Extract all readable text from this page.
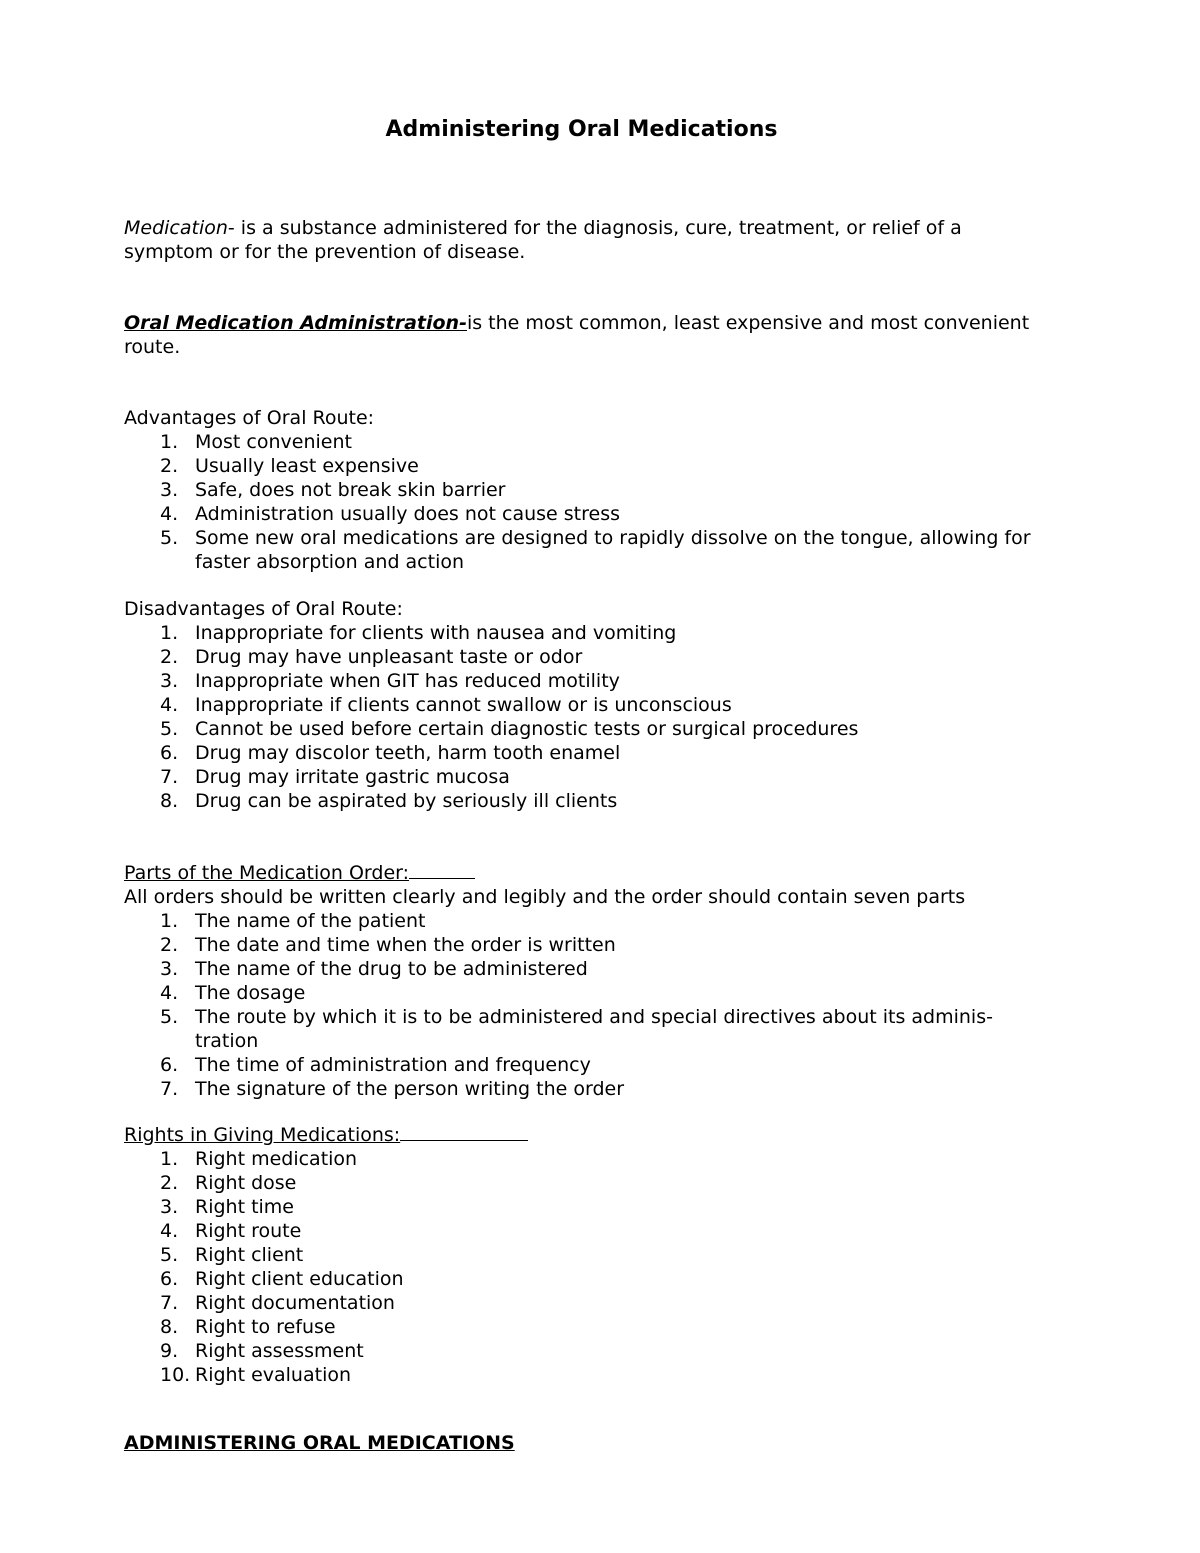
Administering Oral Medications

Medication- is a substance administered for the diagnosis, cure, treatment, or relief of a symptom or for the prevention of disease.

Oral Medication Administration-is the most common, least expensive and most convenient route.

Advantages of Oral Route:
1. Most convenient
2. Usually least expensive
3. Safe, does not break skin barrier
4. Administration usually does not cause stress
5. Some new oral medications are designed to rapidly dissolve on the tongue, allowing for faster absorption and action
Disadvantages of Oral Route:
1. Inappropriate for clients with nausea and vomiting
2. Drug may have unpleasant taste or odor
3. Inappropriate when GIT has reduced motility
4. Inappropriate if clients cannot swallow or is unconscious
5. Cannot be used before certain diagnostic tests or surgical procedures
6. Drug may discolor teeth, harm tooth enamel
7. Drug may irritate gastric mucosa
8. Drug can be aspirated by seriously ill clients
Parts of the Medication Order:
All orders should be written clearly and legibly and the order should contain seven parts
1. The name of the patient
2. The date and time when the order is written
3. The name of the drug to be administered
4. The dosage
5. The route by which it is to be administered and special directives about its adminis-tration
6. The time of administration and frequency
7. The signature of the person writing the order
Rights in Giving Medications:
1. Right medication
2. Right dose
3. Right time
4. Right route
5. Right client
6. Right client education
7. Right documentation
8. Right to refuse
9. Right assessment
10. Right evaluation
ADMINISTERING ORAL MEDICATIONS
